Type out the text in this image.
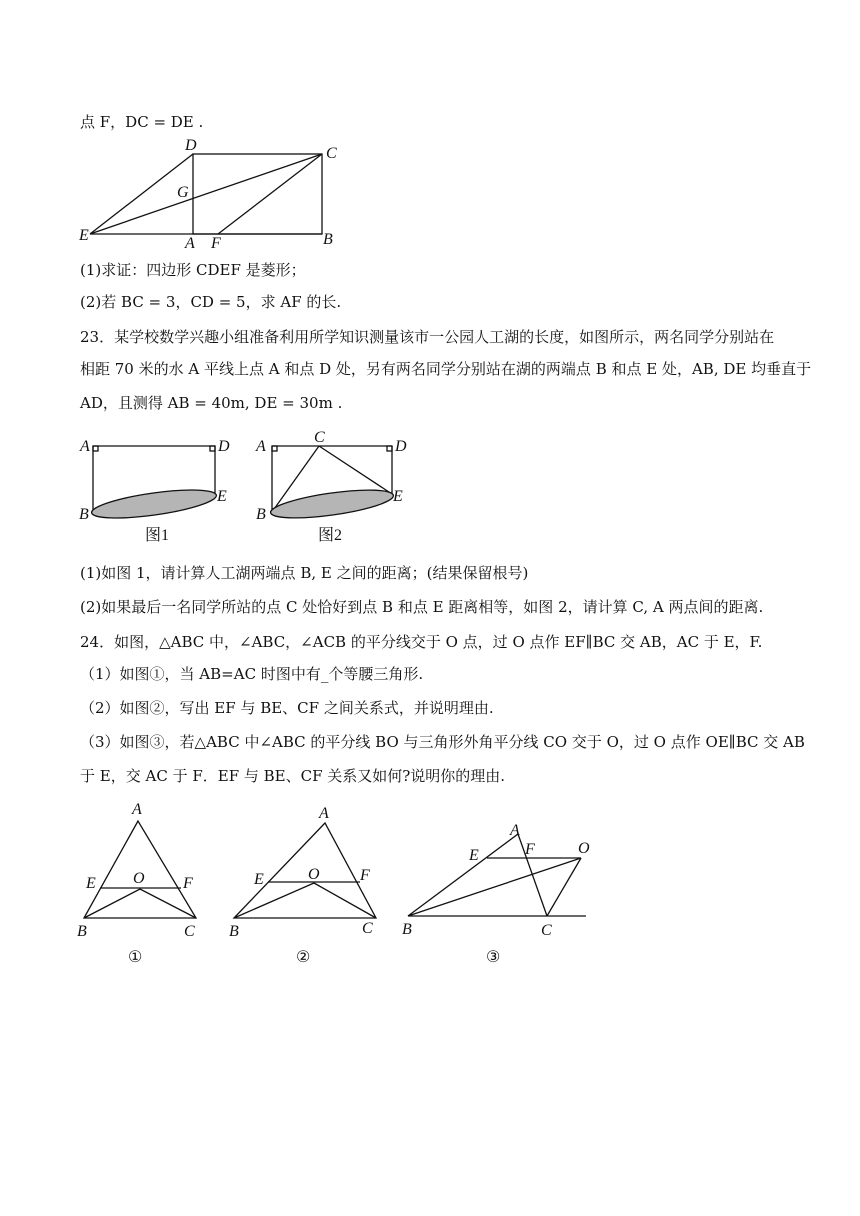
点 F，DC = DE .
D	C
G
E	A F	B
(1)求证：四边形 CDEF 是菱形；
(2)若 BC = 3，CD = 5，求 AF 的长.
23．某学校数学兴趣小组准备利用所学知识测量该市一公园人工湖的长度，如图所示，两名同学分别站在
相距 70 米的水 A 平线上点 A 和点 D 处，另有两名同学分别站在湖的两端点 B 和点 E 处，AB, DE 均垂直于
AD，且测得 AB = 40m, DE = 30m .
A	D
B
E
图1
A
C
D
B
E
图2
(1)如图 1，请计算人工湖两端点 B, E 之间的距离；(结果保留根号)
(2)如果最后一名同学所站的点 C 处恰好到点 B 和点 E 距离相等，如图 2，请计算 C, A 两点间的距离.
24．如图，△ABC 中，∠ABC，∠ACB 的平分线交于 O 点，过 O 点作 EF∥BC 交 AB，AC 于 E，F.
（1）如图①，当 AB=AC 时图中有_个等腰三角形.
（2）如图②，写出 EF 与 BE、CF 之间关系式，并说明理由.
（3）如图③，若△ABC 中∠ABC 的平分线 BO 与三角形外角平分线 CO 交于 O，过 O 点作 OE∥BC 交 AB
于 E，交 AC 于 F．EF 与 BE、CF 关系又如何?说明你的理由.
A
E O F
B	C
①
A
E	O	F
B	C
②
A
E	F	O
B	C
③
